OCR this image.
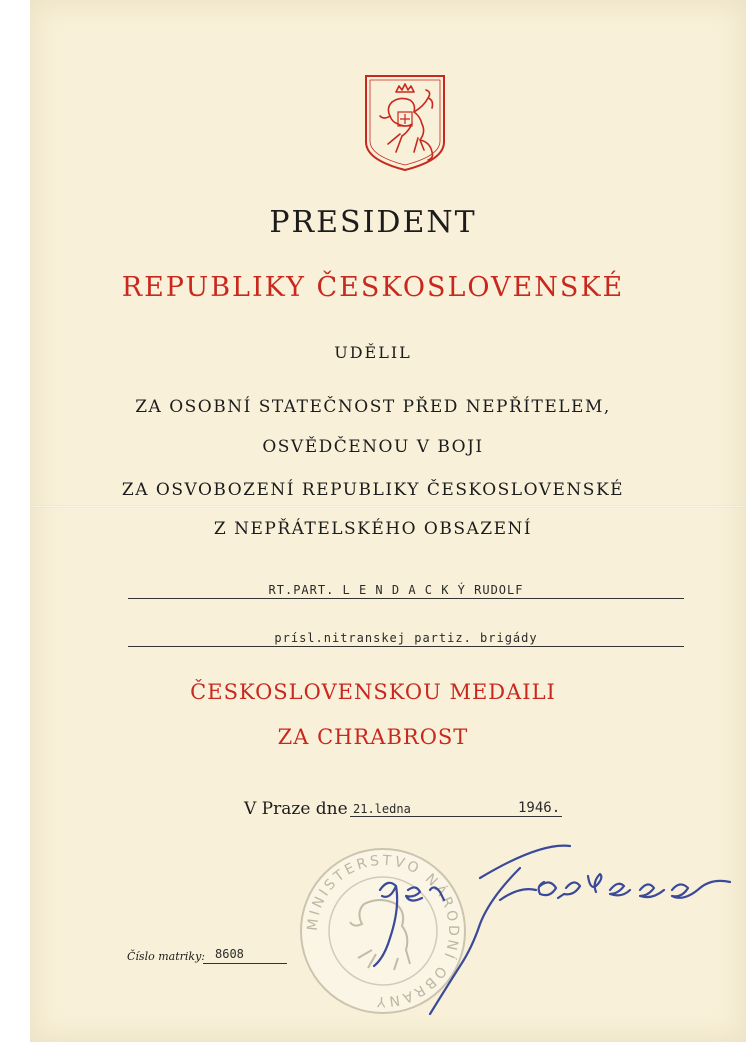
PRESIDENT
REPUBLIKY ČESKOSLOVENSKÉ
UDĚLIL
ZA OSOBNÍ STATEČNOST PŘED NEPŘÍTELEM,
OSVĚDČENOU V BOJI
ZA OSVOBOZENÍ REPUBLIKY ČESKOSLOVENSKÉ
Z NEPŘÁTELSKÉHO OBSAZENÍ
RT.PART. L E N D A C K Ý RUDOLF
prísl.nitranskej partiz. brigády
ČESKOSLOVENSKOU MEDAILI
ZA CHRABROST
V Praze dne 21.ledna	1946.
MINISTERSTVO NÁRODNÍ OBRANY
Číslo matriky: 8608
